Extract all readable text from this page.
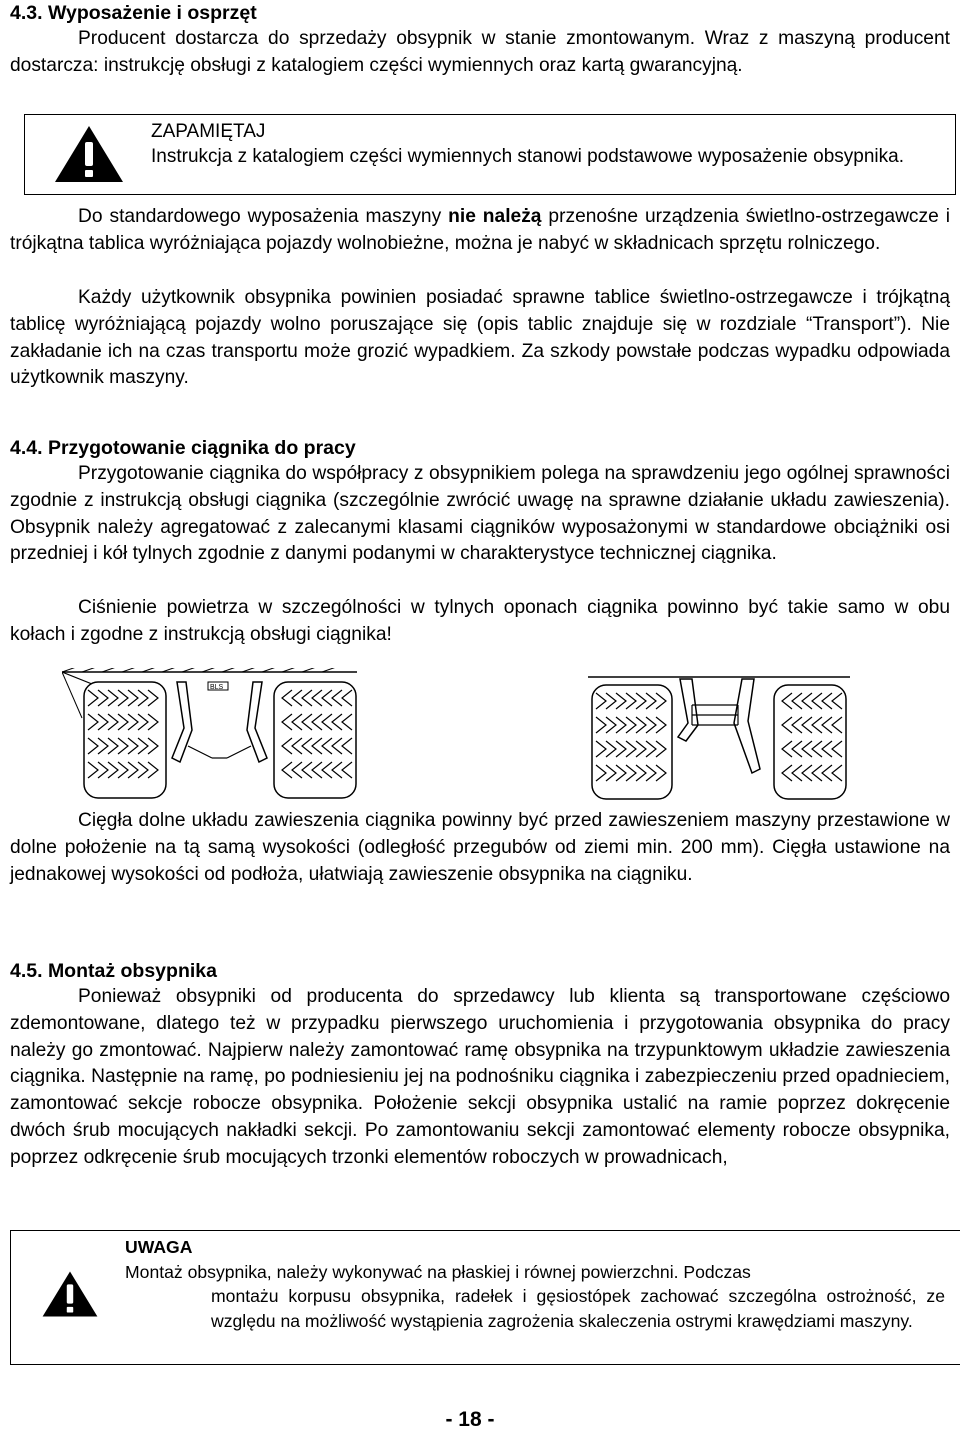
4.3. Wyposażenie i osprzęt
Producent dostarcza do sprzedaży obsypnik w stanie zmontowanym. Wraz z maszyną producent dostarcza: instrukcję obsługi z katalogiem części wymiennych oraz kartą gwarancyjną.
ZAPAMIĘTAJ
Instrukcja z katalogiem części wymiennych stanowi podstawowe wyposażenie obsypnika.
Do standardowego wyposażenia maszyny nie należą przenośne urządzenia świetlno-ostrzegawcze i trójkątna tablica wyróżniająca pojazdy wolnobieżne, można je nabyć w składnicach sprzętu rolniczego.
Każdy użytkownik obsypnika powinien posiadać sprawne tablice świetlno-ostrzegawcze i trójkątną tablicę wyróżniającą pojazdy wolno poruszające się (opis tablic znajduje się w rozdziale “Transport”). Nie zakładanie ich na czas transportu może grozić wypadkiem. Za szkody powstałe podczas wypadku odpowiada użytkownik maszyny.
4.4. Przygotowanie ciągnika do pracy
Przygotowanie ciągnika do współpracy z obsypnikiem polega na sprawdzeniu jego ogólnej sprawności zgodnie z instrukcją obsługi ciągnika (szczególnie zwrócić uwagę na sprawne działanie układu zawieszenia). Obsypnik należy agregatować z zalecanymi klasami ciągników wyposażonymi w standardowe obciążniki osi przedniej i kół tylnych zgodnie z danymi podanymi w charakterystyce technicznej ciągnika.
Ciśnienie powietrza w szczególności w tylnych oponach ciągnika powinno być takie samo w obu kołach i zgodne z instrukcją obsługi ciągnika!
BLS
Cięgła dolne układu zawieszenia ciągnika powinny być przed zawieszeniem maszyny przestawione w dolne położenie na tą samą wysokości (odległość przegubów od ziemi min. 200 mm). Cięgła ustawione na jednakowej wysokości od podłoża, ułatwiają zawieszenie obsypnika na ciągniku.
4.5. Montaż obsypnika
Ponieważ obsypniki od producenta do sprzedawcy lub klienta są transportowane częściowo zdemontowane, dlatego też w przypadku pierwszego uruchomienia i przygotowania obsypnika do pracy należy go zmontować. Najpierw należy zamontować ramę obsypnika na trzypunktowym układzie zawieszenia ciągnika. Następnie na ramę, po podniesieniu jej na podnośniku ciągnika i zabezpieczeniu przed opadnieciem, zamontować sekcje robocze obsypnika. Położenie sekcji obsypnika ustalić na ramie poprzez dokręcenie dwóch śrub mocujących nakładki sekcji. Po zamontowaniu sekcji zamontować elementy robocze obsypnika, poprzez odkręcenie śrub mocujących trzonki elementów roboczych w prowadnicach,
UWAGA
Montaż obsypnika, należy wykonywać na płaskiej i równej powierzchni. Podczas
montażu korpusu obsypnika, radełek i gęsiostópek zachować szczególna ostrożność, ze względu na możliwość wystąpienia zagrożenia skaleczenia ostrymi krawędziami maszyny.
- 18 -
